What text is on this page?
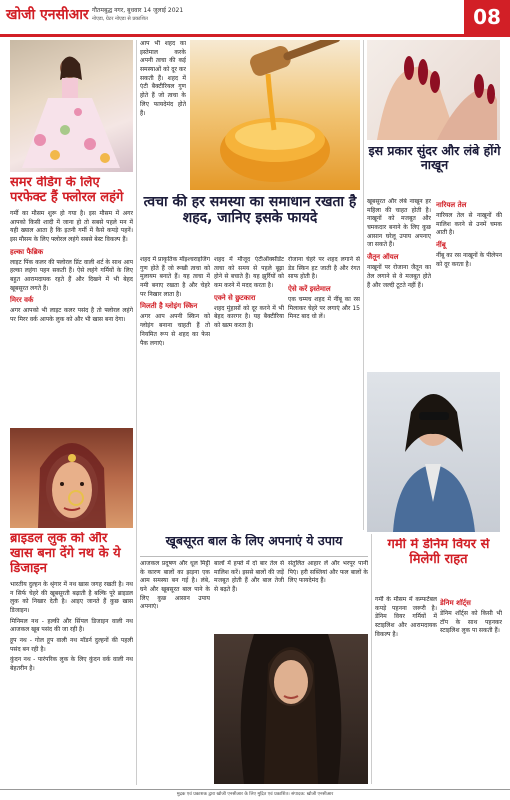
खोजी एनसीआर गौतमबुद्ध नगर, बुधवार 14 जुलाई 2021
नोएडा, ग्रेटर नोएडा से प्रकाशित	08
समर वेडिंग के लिए परफेक्ट हैं फ्लोरल लहंगे

गर्मी का मौसम शुरू हो गया है। इस मौसम में अगर आपको किसी शादी में जाना हो तो सबसे पहले मन में यही ख्याल आता है कि इतनी गर्मी में कैसे कपड़े पहनें। इस मौसम के लिए फ्लोरल लहंगे सबसे बेस्ट विकल्प हैं।

हल्का फैब्रिक

लाइट पिंक कलर की फ्लोरल प्रिंट वाली शर्ट के साथ आप हल्का लहंगा पहन सकती हैं। ऐसे लहंगे गर्मियों के लिए बहुत आरामदायक रहते हैं और दिखने में भी बेहद खूबसूरत लगते हैं।

मिरर वर्क

अगर आपको भी लाइट कलर पसंद है तो फ्लोरल लहंगे पर मिरर वर्क आपके लुक को और भी खास बना देगा।

ब्राइडल लुक को और खास बना देंगे नथ के ये डिजाइन

भारतीय दुल्हन के श्रृंगार में नथ खास जगह रखती है। नथ न सिर्फ चेहरे की खूबसूरती बढ़ाती है बल्कि पूरे ब्राइडल लुक को निखार देती है। आइए जानते हैं कुछ खास डिजाइन।

मिनिमल नथ - हल्की और सिंपल डिजाइन वाली नथ आजकल खूब पसंद की जा रही है।

हूप नथ - गोल हूप वाली नथ मॉडर्न दुल्हनों की पहली पसंद बन रही है।

कुंदन नथ - पारंपरिक लुक के लिए कुंदन वर्क वाली नथ बेहतरीन है।

आप भी शहद का इस्तेमाल करके अपनी त्वचा की कई समस्याओं को दूर कर सकती हैं। शहद में एंटी बैक्टीरियल गुण होते हैं जो त्वचा के लिए फायदेमंद होते हैं।

त्वचा की हर समस्या का समाधान रखता है शहद, जानिए इसके फायदे

शहद में प्राकृतिक मॉइश्चराइजिंग गुण होते हैं जो रूखी त्वचा को मुलायम बनाते हैं। यह त्वचा में नमी बनाए रखता है और चेहरे पर निखार लाता है।

मिलती है ग्लोइंग स्किन

अगर आप अपनी स्किन को ग्लोइंग बनाना चाहती हैं तो नियमित रूप से शहद का फेस पैक लगाएं।

शहद में मौजूद एंटीऑक्सीडेंट त्वचा को समय से पहले बूढ़ा होने से बचाते हैं। यह झुर्रियों को कम करने में मदद करता है।

एक्ने से छुटकारा

शहद मुंहासों को दूर करने में भी बेहद कारगर है। यह बैक्टीरिया को खत्म करता है।

रोजाना चेहरे पर शहद लगाने से डेड स्किन हट जाती है और रंगत साफ होती है।

ऐसे करें इस्तेमाल

एक चम्मच शहद में नींबू का रस मिलाकर चेहरे पर लगाएं और 15 मिनट बाद धो लें।

इस प्रकार सुंदर और लंबे होंगे नाखून

खूबसूरत और लंबे नाखून हर महिला की चाहत होती है। नाखूनों को मजबूत और चमकदार बनाने के लिए कुछ आसान घरेलू उपाय अपनाए जा सकते हैं।

जैतून ऑयल

नाखूनों पर रोजाना जैतून का तेल लगाने से वे मजबूत होते हैं और जल्दी टूटते नहीं हैं।

नारियल तेल

नारियल तेल से नाखूनों की मालिश करने से उनमें चमक आती है।

नींबू

नींबू का रस नाखूनों के पीलेपन को दूर करता है।

खूबसूरत बाल के लिए अपनाएं ये उपाय

आजकल प्रदूषण और धूल मिट्टी के कारण बालों का झड़ना एक आम समस्या बन गई है। लंबे, घने और खूबसूरत बाल पाने के लिए कुछ आसान उपाय अपनाएं।

बालों में हफ्ते में दो बार तेल से मालिश करें। इससे बालों की जड़ें मजबूत होती हैं और बाल तेजी से बढ़ते हैं।

संतुलित आहार लें और भरपूर पानी पिएं। हरी सब्जियां और फल बालों के लिए फायदेमंद हैं।

गर्मी में डेनिम वियर से मिलेगी राहत

गर्मी के मौसम में कम्फर्टेबल कपड़े पहनना जरूरी है। डेनिम वियर गर्मियों में स्टाइलिश और आरामदायक विकल्प है।

डेनिम शॉर्ट्स

डेनिम शॉर्ट्स को किसी भी टॉप के साथ पहनकर स्टाइलिश लुक पा सकती हैं।

मुद्रक एवं प्रकाशक द्वारा खोजी एनसीआर के लिए मुद्रित एवं प्रकाशित। संपादक: खोजी एनसीआर
